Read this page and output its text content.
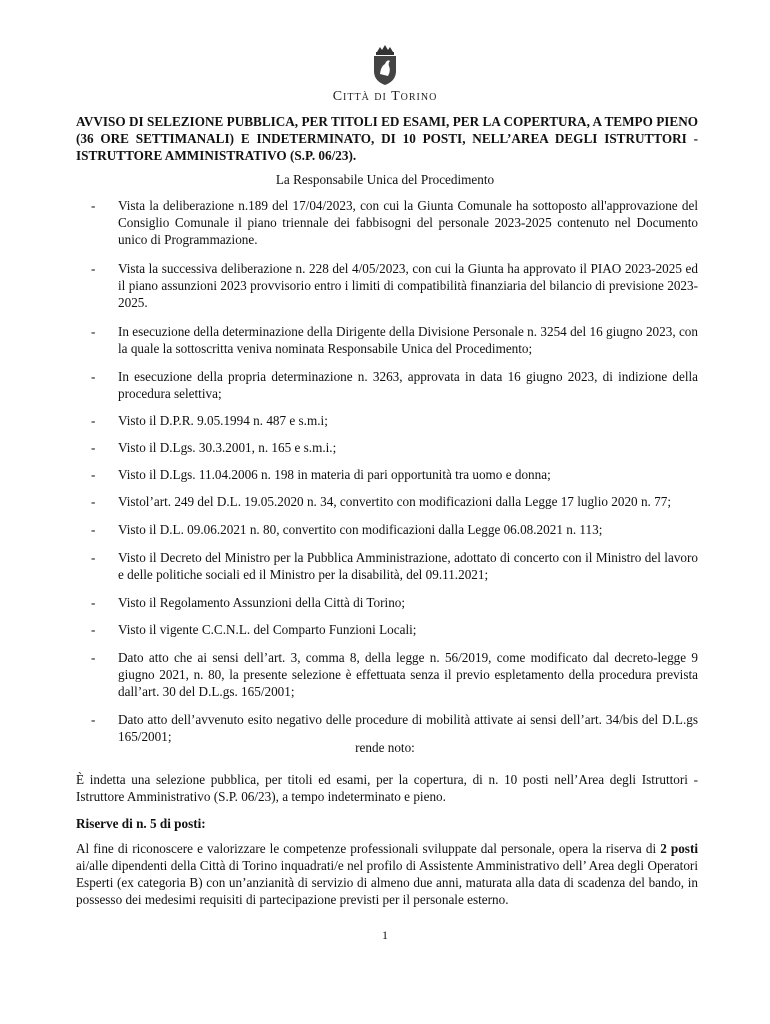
Città di Torino
AVVISO DI SELEZIONE PUBBLICA, PER TITOLI ED ESAMI, PER LA COPERTURA, A TEMPO PIENO (36 ORE SETTIMANALI) E INDETERMINATO, DI 10 POSTI, NELL’AREA DEGLI ISTRUTTORI - ISTRUTTORE AMMINISTRATIVO (S.P. 06/23).
La Responsabile Unica del Procedimento
-	Vista la deliberazione n.189 del 17/04/2023, con cui la Giunta Comunale ha sottoposto all'approvazione del Consiglio Comunale il piano triennale dei fabbisogni del personale 2023-2025 contenuto nel Documento unico di Programmazione.
-	Vista la successiva deliberazione n. 228 del 4/05/2023, con cui la Giunta ha approvato il PIAO 2023-2025 ed il piano assunzioni 2023 provvisorio entro i limiti di compatibilità finanziaria del bilancio di previsione 2023-2025.
-	In esecuzione della determinazione della Dirigente della Divisione Personale n. 3254 del 16 giugno 2023, con la quale la sottoscritta veniva nominata Responsabile Unica del Procedimento;
-	In esecuzione della propria determinazione n. 3263, approvata in data 16 giugno 2023, di indizione della procedura selettiva;
-	Visto il D.P.R. 9.05.1994 n. 487 e s.m.i;
-	Visto il D.Lgs. 30.3.2001, n. 165 e s.m.i.;
-	Visto il D.Lgs. 11.04.2006 n. 198 in materia di pari opportunità tra uomo e donna;
-	Vistol’art. 249 del D.L. 19.05.2020 n. 34, convertito con modificazioni dalla Legge 17 luglio 2020 n. 77;
-	Visto il D.L. 09.06.2021 n. 80, convertito con modificazioni dalla Legge 06.08.2021 n. 113;
-	Visto il Decreto del Ministro per la Pubblica Amministrazione, adottato di concerto con il Ministro del lavoro e delle politiche sociali ed il Ministro per la disabilità, del 09.11.2021;
-	Visto il Regolamento Assunzioni della Città di Torino;
-	Visto il vigente C.C.N.L. del Comparto Funzioni Locali;
-	Dato atto che ai sensi dell’art. 3, comma 8, della legge n. 56/2019, come modificato dal decreto-legge 9 giugno 2021, n. 80, la presente selezione è effettuata senza il previo espletamento della procedura prevista dall’art. 30 del D.L.gs. 165/2001;
-	Dato atto dell’avvenuto esito negativo delle procedure di mobilità attivate ai sensi dell’art. 34/bis del D.L.gs 165/2001;
rende noto:

È indetta una selezione pubblica, per titoli ed esami, per la copertura, di n. 10 posti nell’Area degli Istruttori - Istruttore Amministrativo (S.P. 06/23), a tempo indeterminato e pieno.

Riserve di n. 5 di posti:

Al fine di riconoscere e valorizzare le competenze professionali sviluppate dal personale, opera la riserva di 2 posti ai/alle dipendenti della Città di Torino inquadrati/e nel profilo di Assistente Amministrativo dell’ Area degli Operatori Esperti (ex categoria B) con un’anzianità di servizio di almeno due anni, maturata alla data di scadenza del bando, in possesso dei medesimi requisiti di partecipazione previsti per il personale esterno.

1
